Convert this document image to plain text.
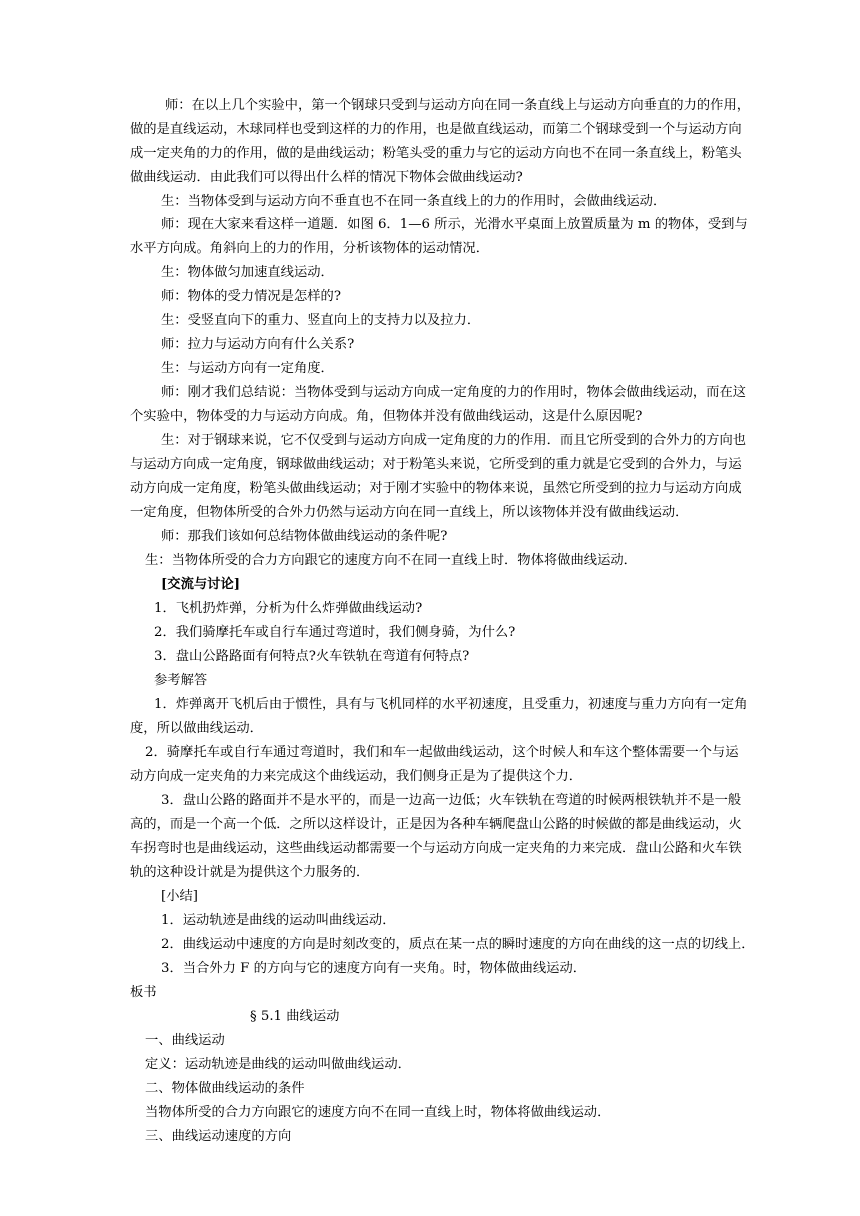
师：在以上几个实验中，第一个钢球只受到与运动方向在同一条直线上与运动方向垂直的力的作用，
做的是直线运动，木球同样也受到这样的力的作用，也是做直线运动，而第二个钢球受到一个与运动方向
成一定夹角的力的作用，做的是曲线运动；粉笔头受的重力与它的运动方向也不在同一条直线上，粉笔头
做曲线运动．由此我们可以得出什么样的情况下物体会做曲线运动?
生：当物体受到与运动方向不垂直也不在同一条直线上的力的作用时，会做曲线运动．
师：现在大家来看这样一道题．如图 6．1—6 所示，光滑水平桌面上放置质量为 m 的物体，受到与
水平方向成。角斜向上的力的作用，分析该物体的运动情况．
生：物体做匀加速直线运动．
师：物体的受力情况是怎样的?
生：受竖直向下的重力、竖直向上的支持力以及拉力．
师：拉力与运动方向有什么关系?
生：与运动方向有一定角度．
师：刚才我们总结说：当物体受到与运动方向成一定角度的力的作用时，物体会做曲线运动，而在这
个实验中，物体受的力与运动方向成。角，但物体并没有做曲线运动，这是什么原因呢?
生：对于钢球来说，它不仅受到与运动方向成一定角度的力的作用．而且它所受到的合外力的方向也
与运动方向成一定角度，钢球做曲线运动；对于粉笔头来说，它所受到的重力就是它受到的合外力，与运
动方向成一定角度，粉笔头做曲线运动；对于刚才实验中的物体来说，虽然它所受到的拉力与运动方向成
一定角度，但物体所受的合外力仍然与运动方向在同一直线上，所以该物体并没有做曲线运动．
师：那我们该如何总结物体做曲线运动的条件呢?
生：当物体所受的合力方向跟它的速度方向不在同一直线上时．物体将做曲线运动．
[交流与讨论]
1．飞机扔炸弹，分析为什么炸弹做曲线运动?
2．我们骑摩托车或自行车通过弯道时，我们侧身骑，为什么?
3．盘山公路路面有何特点?火车铁轨在弯道有何特点?
参考解答
1．炸弹离开飞机后由于惯性，具有与飞机同样的水平初速度，且受重力，初速度与重力方向有一定角
度，所以做曲线运动．
2．骑摩托车或自行车通过弯道时，我们和车一起做曲线运动，这个时候人和车这个整体需要一个与运
动方向成一定夹角的力来完成这个曲线运动，我们侧身正是为了提供这个力．
3．盘山公路的路面并不是水平的，而是一边高一边低；火车铁轨在弯道的时候两根铁轨并不是一般
高的，而是一个高一个低．之所以这样设计，正是因为各种车辆爬盘山公路的时候做的都是曲线运动，火
车拐弯时也是曲线运动，这些曲线运动都需要一个与运动方向成一定夹角的力来完成．盘山公路和火车铁
轨的这种设计就是为提供这个力服务的．
[小结]
1．运动轨迹是曲线的运动叫曲线运动．
2．曲线运动中速度的方向是时刻改变的，质点在某一点的瞬时速度的方向在曲线的这一点的切线上．
3．当合外力 F 的方向与它的速度方向有一夹角。时，物体做曲线运动．
板书
§ 5.1 曲线运动
一、曲线运动
定义：运动轨迹是曲线的运动叫做曲线运动．
二、物体做曲线运动的条件
当物体所受的合力方向跟它的速度方向不在同一直线上时，物体将做曲线运动．
三、曲线运动速度的方向
